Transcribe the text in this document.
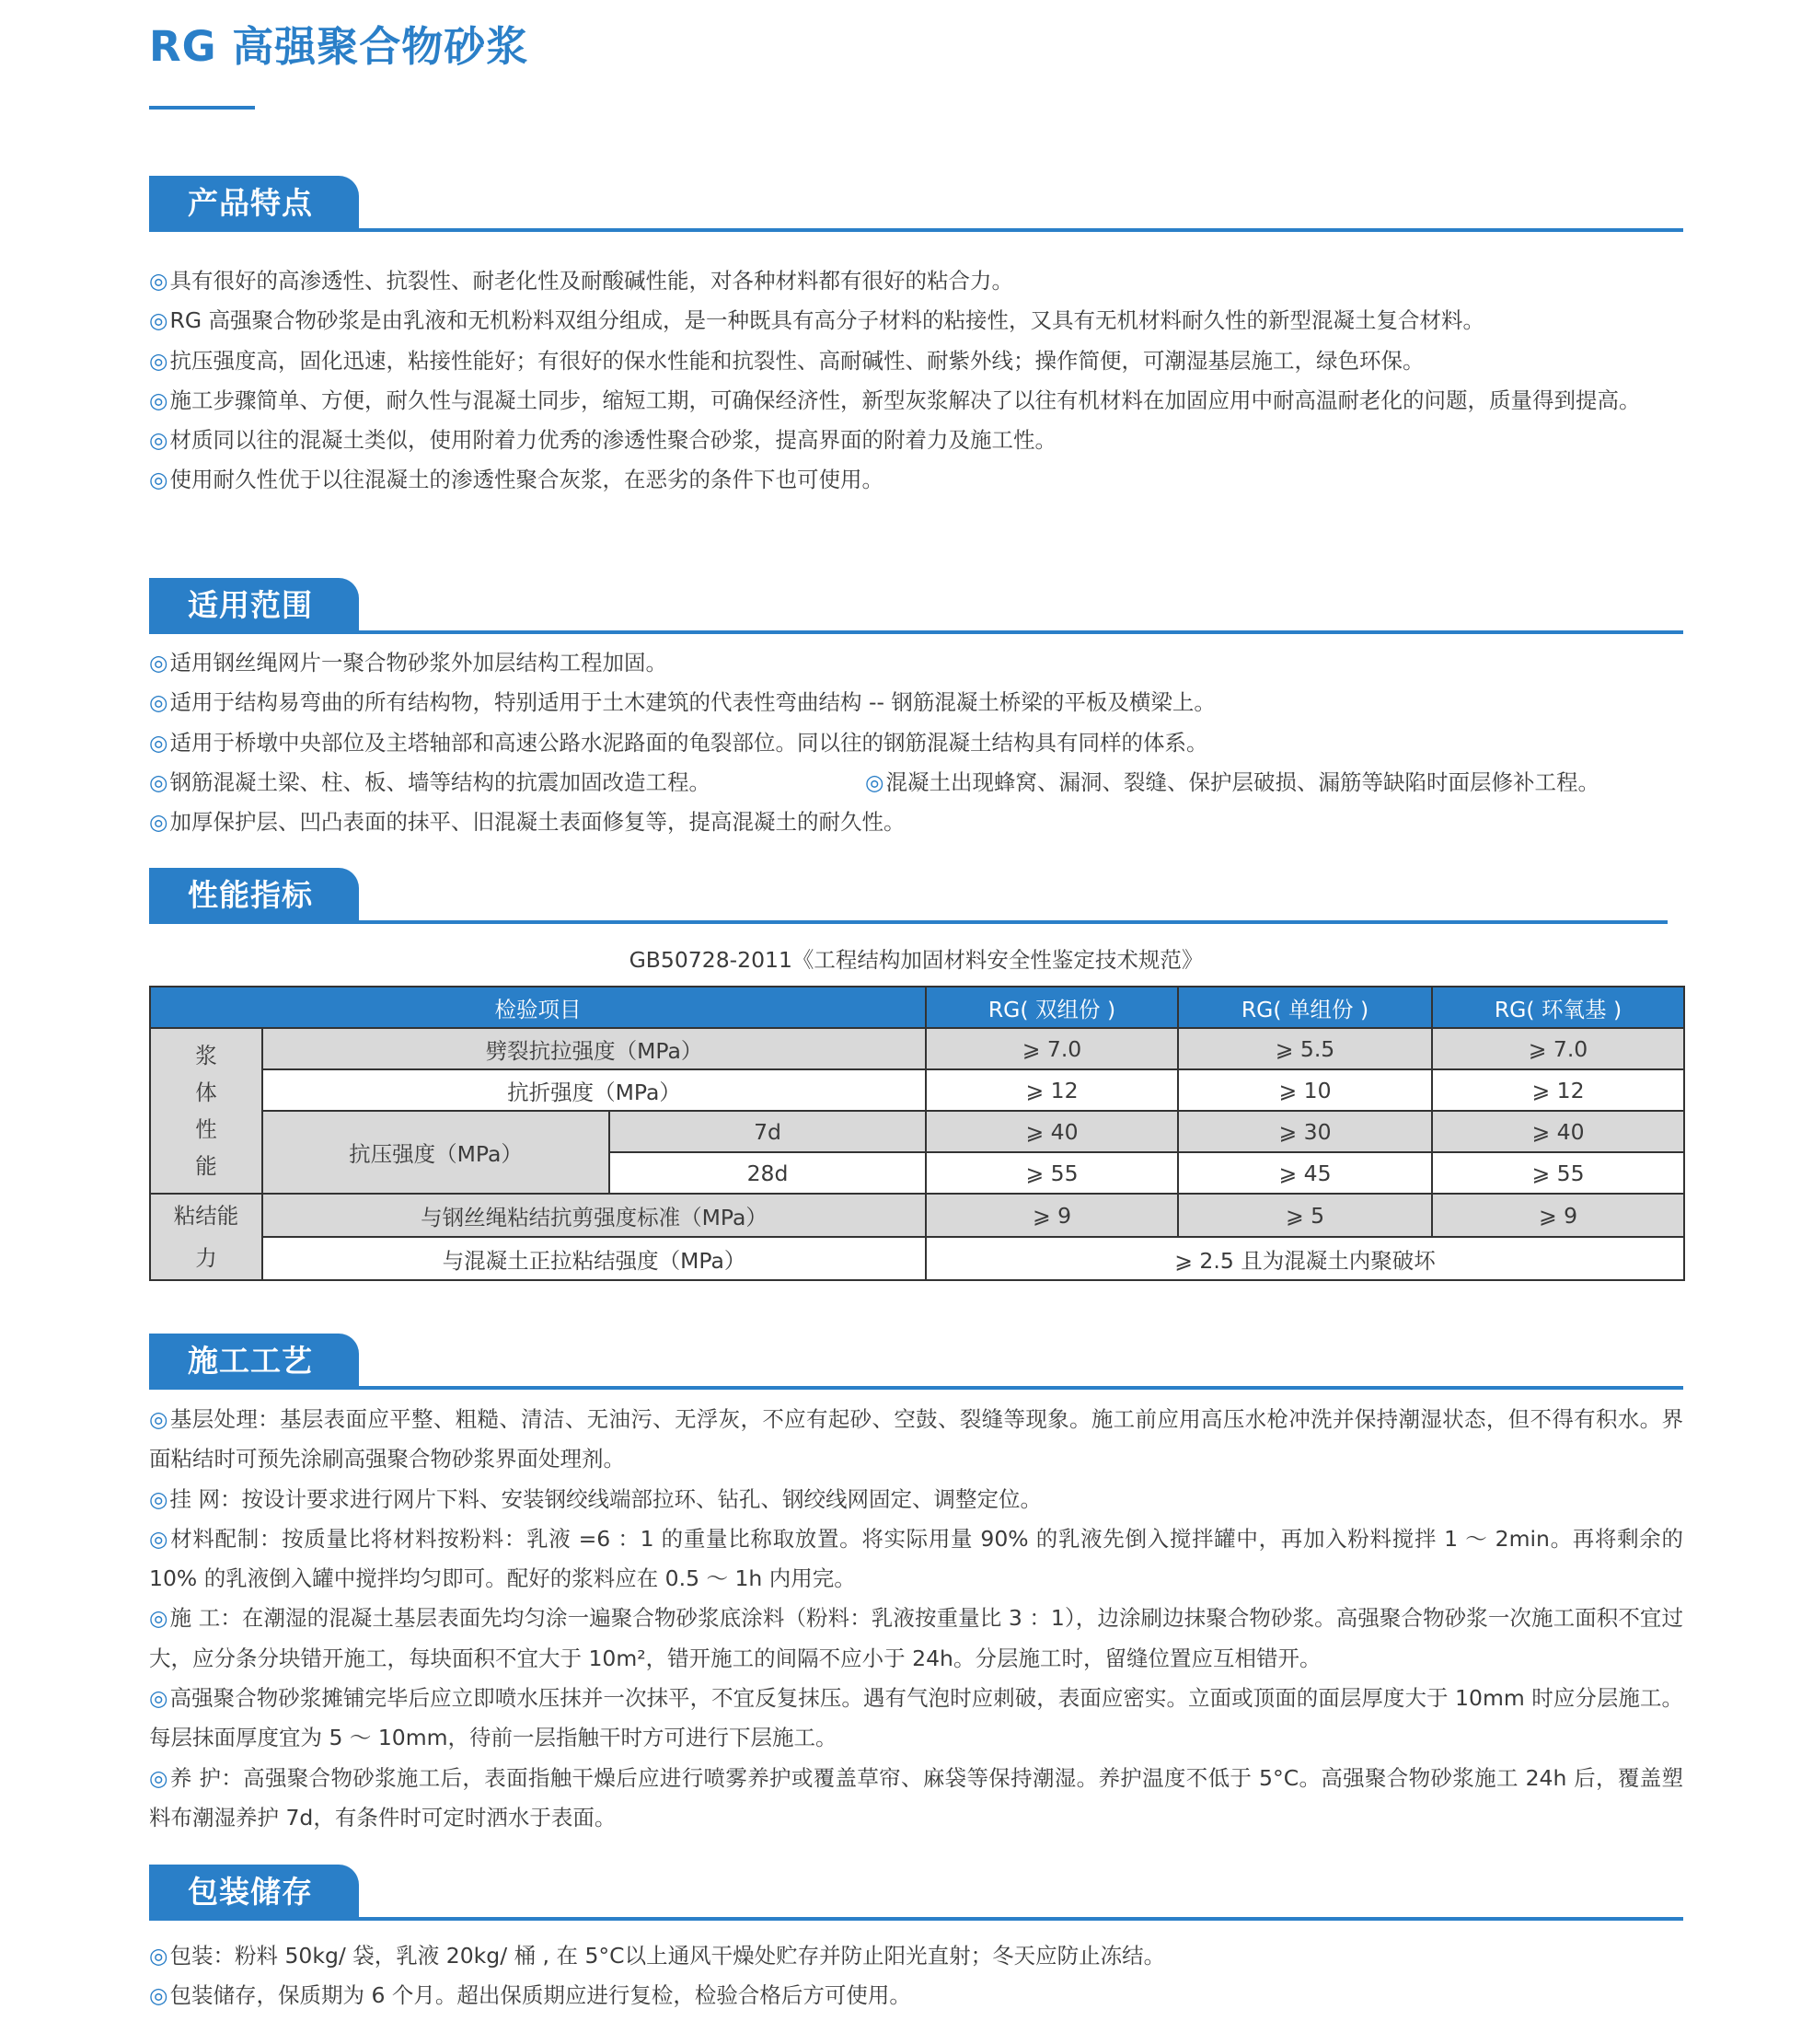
RG 高强聚合物砂浆
产品特点

◎具有很好的高渗透性、抗裂性、耐老化性及耐酸碱性能，对各种材料都有很好的粘合力。

◎RG 高强聚合物砂浆是由乳液和无机粉料双组分组成，是一种既具有高分子材料的粘接性，又具有无机材料耐久性的新型混凝土复合材料。

◎抗压强度高，固化迅速，粘接性能好；有很好的保水性能和抗裂性、高耐碱性、耐紫外线；操作简便，可潮湿基层施工，绿色环保。

◎施工步骤简单、方便，耐久性与混凝土同步，缩短工期，可确保经济性，新型灰浆解决了以往有机材料在加固应用中耐高温耐老化的问题，质量得到提高。

◎材质同以往的混凝土类似，使用附着力优秀的渗透性聚合砂浆，提高界面的附着力及施工性。

◎使用耐久性优于以往混凝土的渗透性聚合灰浆，在恶劣的条件下也可使用。

适用范围

◎适用钢丝绳网片一聚合物砂浆外加层结构工程加固。

◎适用于结构易弯曲的所有结构物，特别适用于土木建筑的代表性弯曲结构 -- 钢筋混凝土桥梁的平板及横梁上。

◎适用于桥墩中央部位及主塔轴部和高速公路水泥路面的龟裂部位。同以往的钢筋混凝土结构具有同样的体系。

◎钢筋混凝土梁、柱、板、墙等结构的抗震加固改造工程。	◎混凝土出现蜂窝、漏洞、裂缝、保护层破损、漏筋等缺陷时面层修补工程。

◎加厚保护层、凹凸表面的抹平、旧混凝土表面修复等，提高混凝土的耐久性。

性能指标
GB50728-2011《工程结构加固材料安全性鉴定技术规范》
检验项目			RG( 双组份 )	RG( 单组份 )	RG( 环氧基 )
浆体性能	劈裂抗拉强度（MPa）		⩾ 7.0	⩾ 5.5	⩾ 7.0
	抗折强度（MPa）		⩾ 12	⩾ 10	⩾ 12
	抗压强度（MPa）	7d	⩾ 40	⩾ 30	⩾ 40
		28d	⩾ 55	⩾ 45	⩾ 55
粘结能力	与钢丝绳粘结抗剪强度标准（MPa）		⩾ 9	⩾ 5	⩾ 9
	与混凝土正拉粘结强度（MPa）		⩾ 2.5 且为混凝土内聚破坏		
施工工艺

◎基层处理：基层表面应平整、粗糙、清洁、无油污、无浮灰，不应有起砂、空鼓、裂缝等现象。施工前应用高压水枪冲洗并保持潮湿状态，但不得有积水。界面粘结时可预先涂刷高强聚合物砂浆界面处理剂。

◎挂 网：按设计要求进行网片下料、安装钢绞线端部拉环、钻孔、钢绞线网固定、调整定位。

◎材料配制：按质量比将材料按粉料：乳液 =6 ：1 的重量比称取放置。将实际用量 90% 的乳液先倒入搅拌罐中，再加入粉料搅拌 1 ～ 2min。再将剩余的 10% 的乳液倒入罐中搅拌均匀即可。配好的浆料应在 0.5 ～ 1h 内用完。

◎施 工：在潮湿的混凝土基层表面先均匀涂一遍聚合物砂浆底涂料（粉料：乳液按重量比 3 ：1），边涂刷边抹聚合物砂浆。高强聚合物砂浆一次施工面积不宜过大，应分条分块错开施工，每块面积不宜大于 10m²，错开施工的间隔不应小于 24h。分层施工时，留缝位置应互相错开。

◎高强聚合物砂浆摊铺完毕后应立即喷水压抹并一次抹平，不宜反复抹压。遇有气泡时应刺破，表面应密实。立面或顶面的面层厚度大于 10mm 时应分层施工。每层抹面厚度宜为 5 ～ 10mm，待前一层指触干时方可进行下层施工。

◎养 护：高强聚合物砂浆施工后，表面指触干燥后应进行喷雾养护或覆盖草帘、麻袋等保持潮湿。养护温度不低于 5°C。高强聚合物砂浆施工 24h 后，覆盖塑料布潮湿养护 7d，有条件时可定时洒水于表面。

包装储存

◎包装：粉料 50kg/ 袋，乳液 20kg/ 桶 , 在 5°C以上通风干燥处贮存并防止阳光直射；冬天应防止冻结。

◎包装储存，保质期为 6 个月。超出保质期应进行复检，检验合格后方可使用。
